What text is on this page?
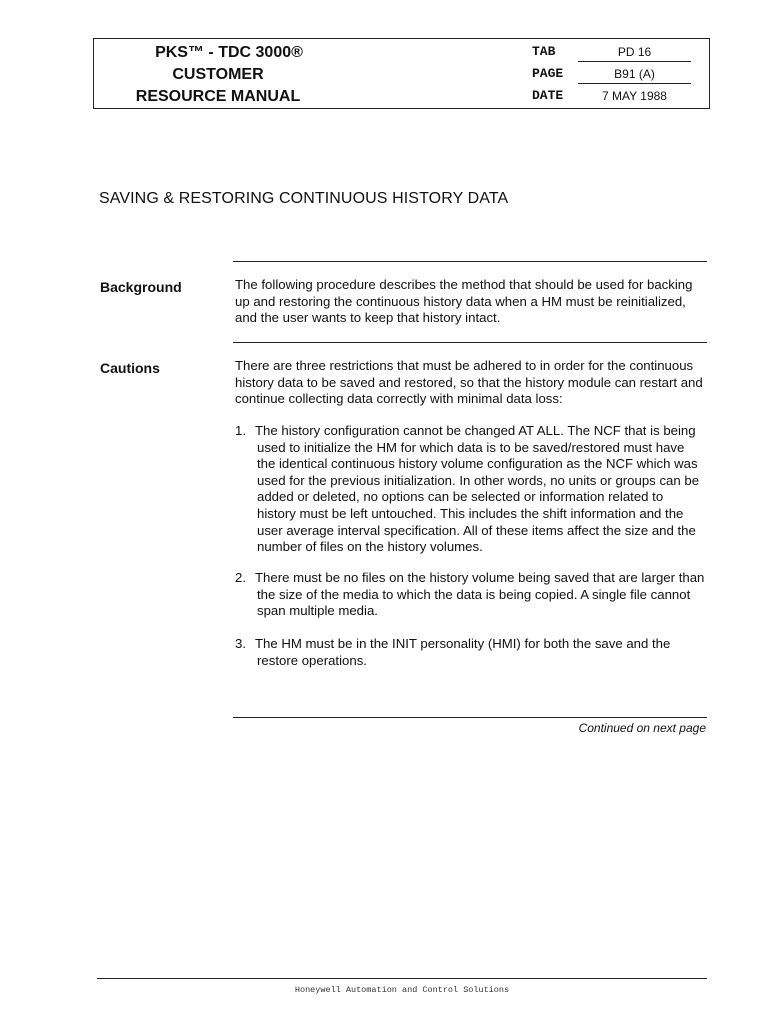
PKS™ - TDC 3000®
CUSTOMER
RESOURCE MANUAL
TAB	PD 16
PAGE	B91 (A)
DATE	7 MAY 1988
SAVING & RESTORING CONTINUOUS HISTORY DATA
Background	The following procedure describes the method that should be used for backing up and restoring the continuous history data when a HM must be reinitialized, and the user wants to keep that history intact.
Cautions	There are three restrictions that must be adhered to in order for the continuous history data to be saved and restored, so that the history module can restart and continue collecting data correctly with minimal data loss:
1. The history configuration cannot be changed AT ALL. The NCF that is being used to initialize the HM for which data is to be saved/restored must have the identical continuous history volume configuration as the NCF which was used for the previous initialization. In other words, no units or groups can be added or deleted, no options can be selected or information related to history must be left untouched. This includes the shift information and the user average interval specification. All of these items affect the size and the number of files on the history volumes.
2. There must be no files on the history volume being saved that are larger than the size of the media to which the data is being copied. A single file cannot span multiple media.
3. The HM must be in the INIT personality (HMI) for both the save and the restore operations.
Continued on next page
Honeywell Automation and Control Solutions
